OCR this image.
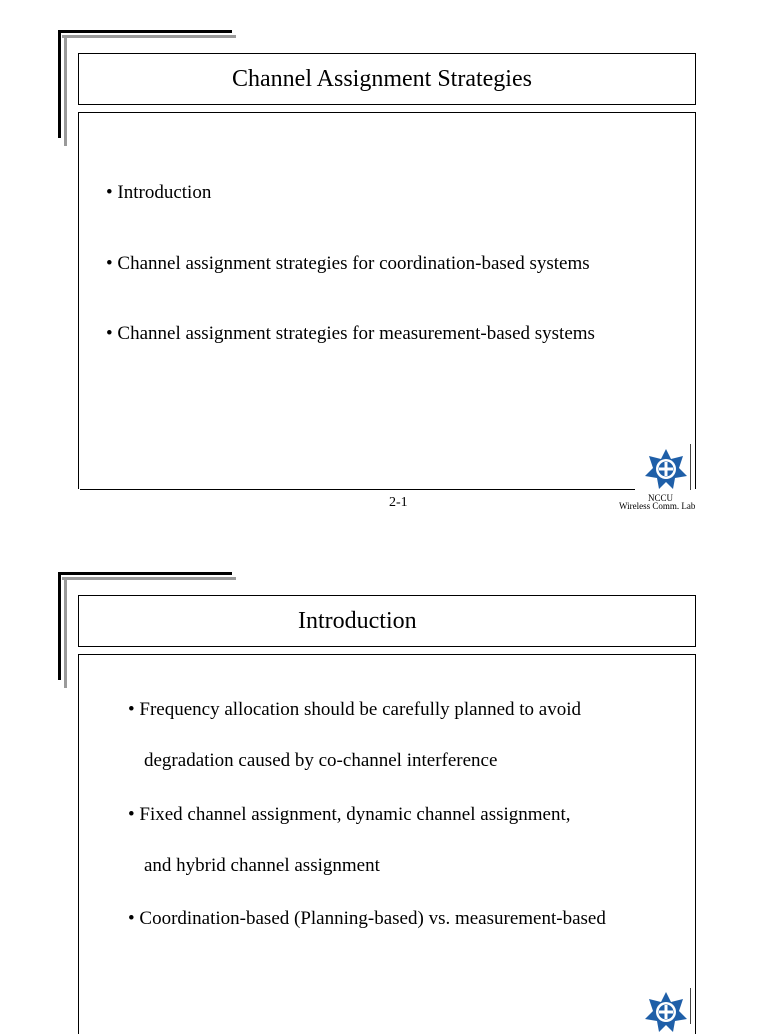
Channel Assignment Strategies
• Introduction
• Channel assignment strategies for coordination-based systems
• Channel assignment strategies for measurement-based systems
2-1	NCCU
Wireless Comm. Lab
Introduction
• Frequency allocation should be carefully planned to avoid
degradation caused by co-channel interference
• Fixed channel assignment, dynamic channel assignment,
and hybrid channel assignment
• Coordination-based (Planning-based) vs. measurement-based
